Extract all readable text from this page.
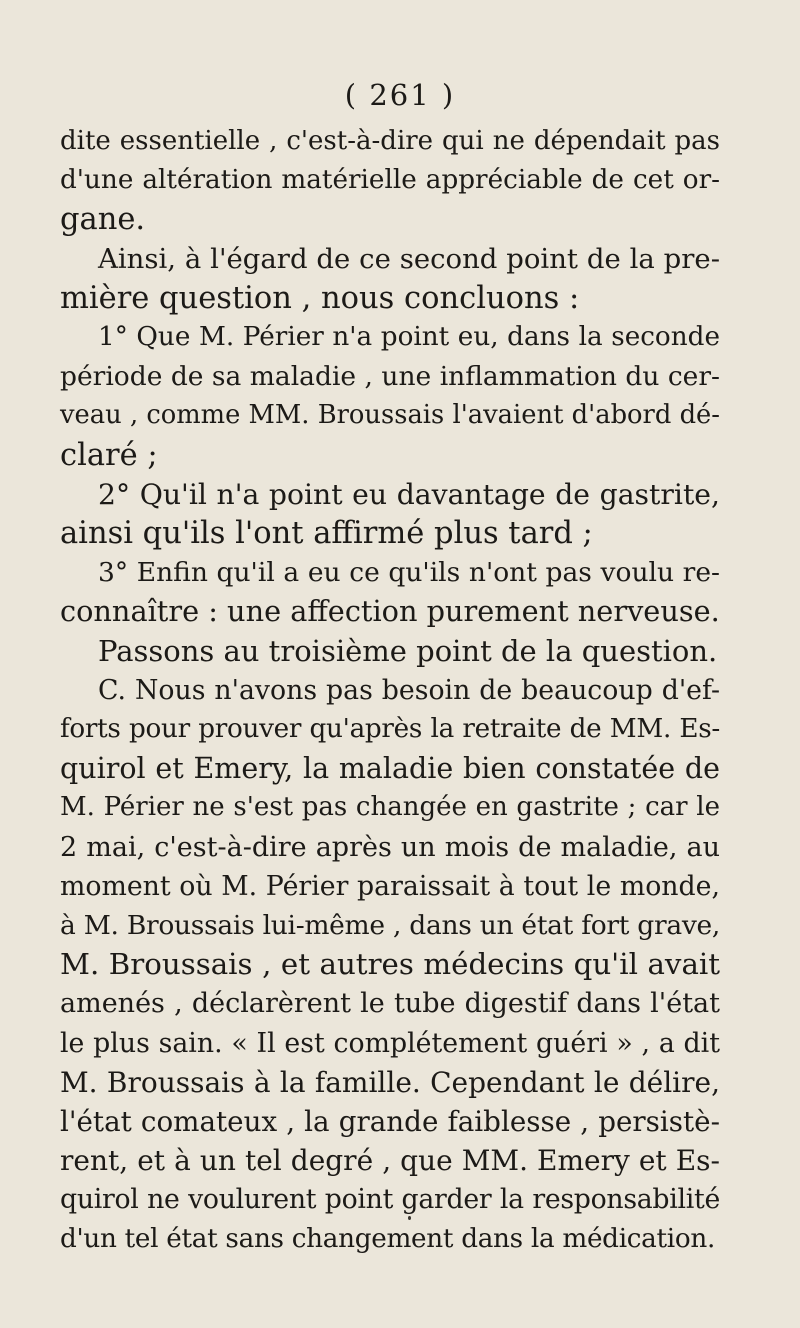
( 261 )
dite essentielle , c'est-à-dire qui ne dépendait pas
d'une altération matérielle appréciable de cet or-
gane.
Ainsi, à l'égard de ce second point de la pre-
mière question , nous concluons :
1° Que M. Périer n'a point eu, dans la seconde
période de sa maladie , une inflammation du cer-
veau , comme MM. Broussais l'avaient d'abord dé-
claré ;
2° Qu'il n'a point eu davantage de gastrite,
ainsi qu'ils l'ont affirmé plus tard ;
3° Enfin qu'il a eu ce qu'ils n'ont pas voulu re-
connaître : une affection purement nerveuse.
Passons au troisième point de la question.
C. Nous n'avons pas besoin de beaucoup d'ef-
forts pour prouver qu'après la retraite de MM. Es-
quirol et Emery, la maladie bien constatée de
M. Périer ne s'est pas changée en gastrite ; car le
2 mai, c'est-à-dire après un mois de maladie, au
moment où M. Périer paraissait à tout le monde,
à M. Broussais lui-même , dans un état fort grave,
M. Broussais , et autres médecins qu'il avait
amenés , déclarèrent le tube digestif dans l'état
le plus sain. « Il est complétement guéri » , a dit
M. Broussais à la famille. Cependant le délire,
l'état comateux , la grande faiblesse , persistè-
rent, et à un tel degré , que MM. Emery et Es-
quirol ne voulurent point garder la responsabilité
d'un tel état sans changement dans la médication.
